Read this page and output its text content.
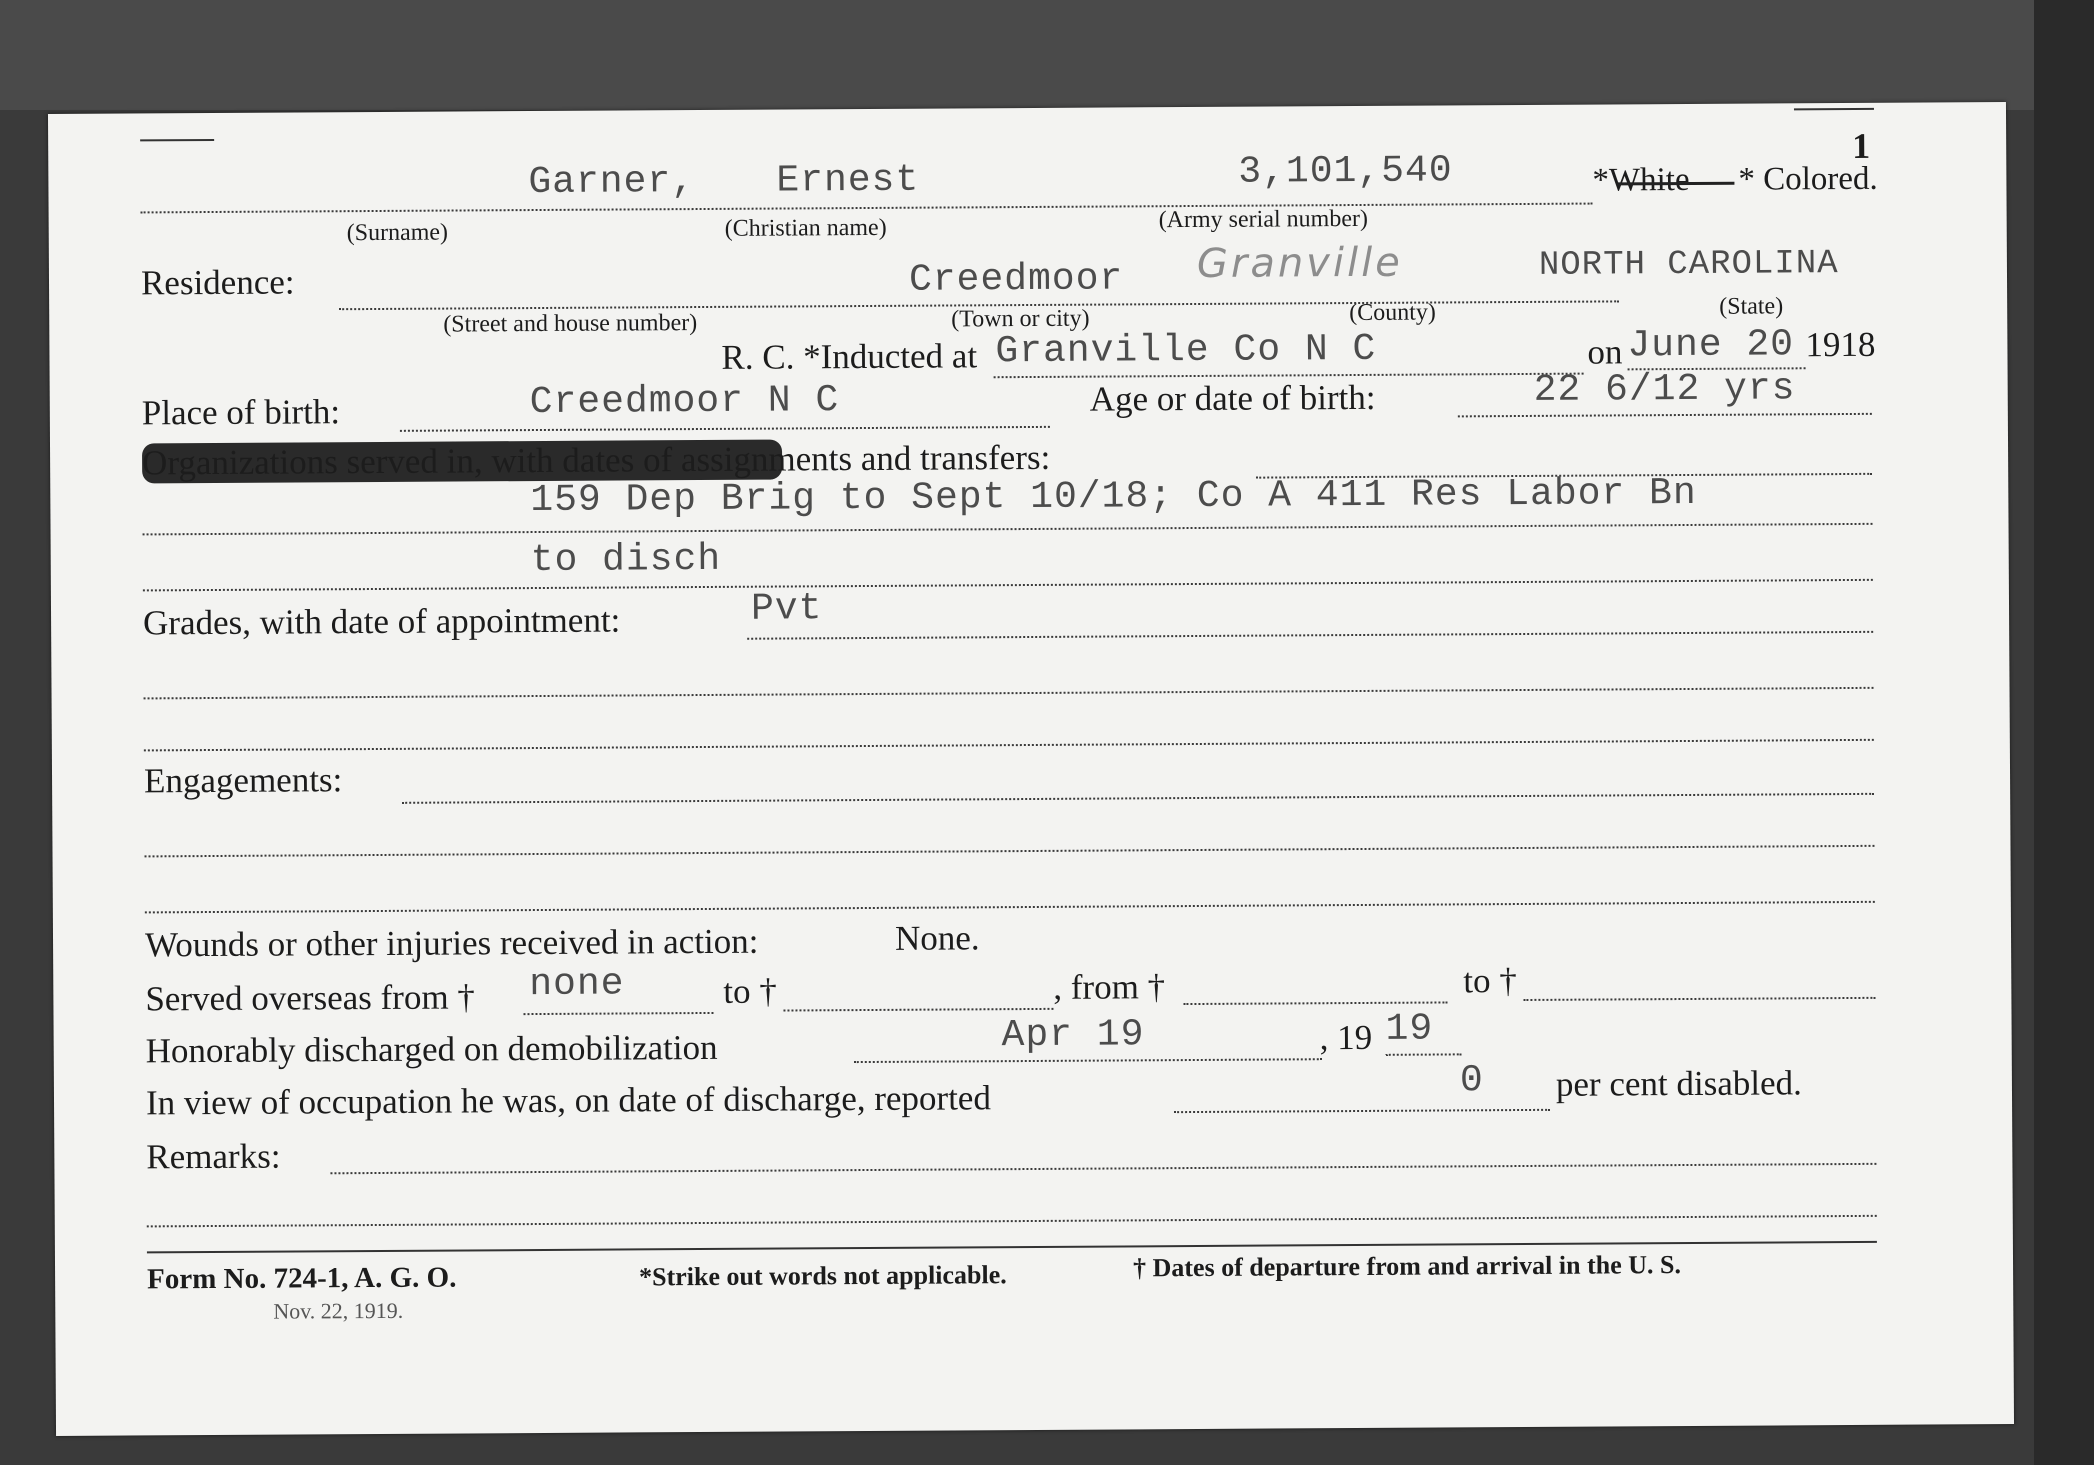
1
Garner, Ernest	3,101,540	*White * Colored.
(Surname)	(Christian name)	(Army serial number)
Residence:	Creedmoor Granville	NORTH CAROLINA
(Street and house number)	(Town or city)	(County)	(State)
R. C. *Inducted at Granville Co N C	on June 20 1918
Place of birth:	Creedmoor N C	Age or date of birth:	22 6/12 yrs
Organizations served in, with dates of assignments and transfers:
159 Dep Brig to Sept 10/18; Co A 411 Res Labor Bn
to disch
Grades, with date of appointment:	Pvt
Engagements:
Wounds or other injuries received in action:	None.
Served overseas from † none	to †	, from †	to †
Honorably discharged on demobilization	Apr 19	, 19 19
In view of occupation he was, on date of discharge, reported	0 per cent disabled.
Remarks:
Form No. 724-1, A. G. O.
Nov. 22, 1919.
*Strike out words not applicable.	† Dates of departure from and arrival in the U. S.
